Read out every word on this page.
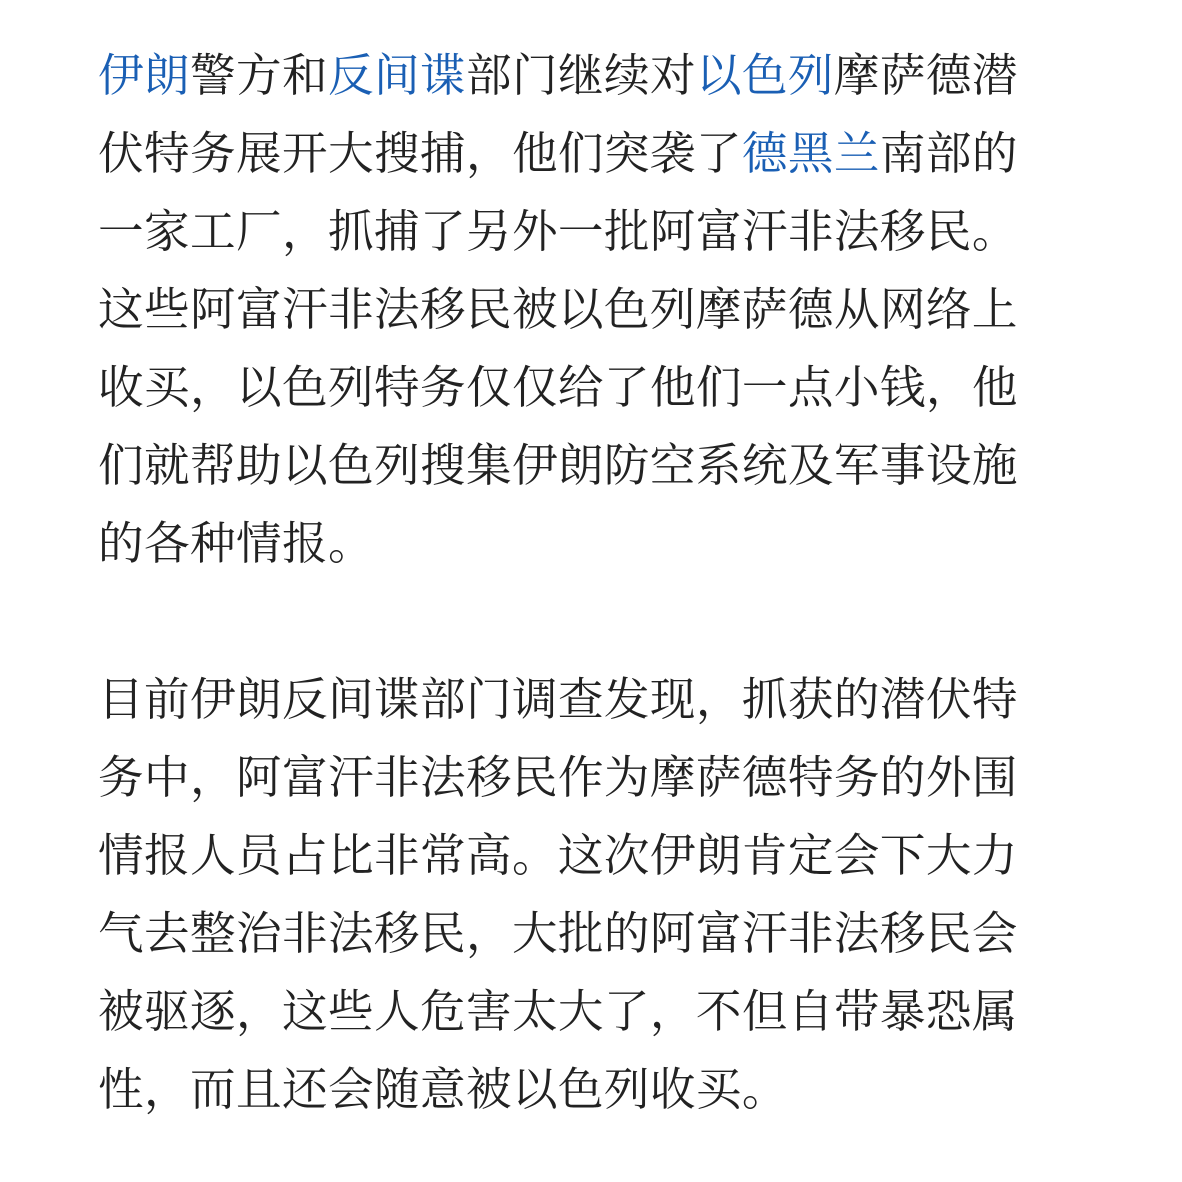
伊朗警方和反间谍部门继续对以色列摩萨德潜伏特务展开大搜捕，他们突袭了德黑兰南部的一家工厂，抓捕了另外一批阿富汗非法移民。这些阿富汗非法移民被以色列摩萨德从网络上收买，以色列特务仅仅给了他们一点小钱，他们就帮助以色列搜集伊朗防空系统及军事设施的各种情报。

目前伊朗反间谍部门调查发现，抓获的潜伏特务中，阿富汗非法移民作为摩萨德特务的外围情报人员占比非常高。这次伊朗肯定会下大力气去整治非法移民，大批的阿富汗非法移民会被驱逐，这些人危害太大了，不但自带暴恐属性，而且还会随意被以色列收买。
